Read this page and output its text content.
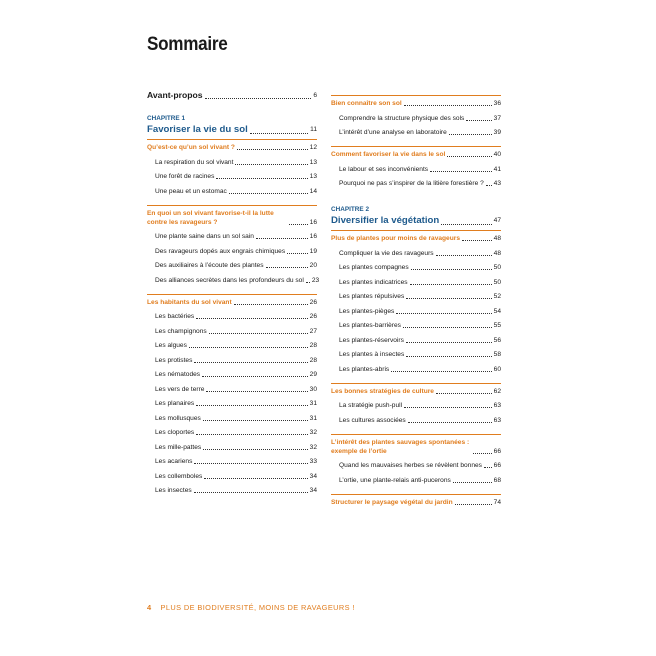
Sommaire
Avant-propos	6
CHAPITRE 1
Favoriser la vie du sol	11
Qu’est-ce qu’un sol vivant ?	12
La respiration du sol vivant	13
Une forêt de racines	13
Une peau et un estomac	14
En quoi un sol vivant favorise-t-il la lutte contre les ravageurs ?	16
Une plante saine dans un sol sain	16
Des ravageurs dopés aux engrais chimiques	19
Des auxiliaires à l’écoute des plantes	20
Des alliances secrètes dans les profondeurs du sol 23
Les habitants du sol vivant	26
Les bactéries	26
Les champignons	27
Les algues	28
Les protistes	28
Les nématodes	29
Les vers de terre	30
Les planaires	31
Les mollusques	31
Les cloportes	32
Les mille-pattes	32
Les acariens	33
Les collemboles	34
Les insectes	34
Bien connaître son sol	36
Comprendre la structure physique des sols	37
L’intérêt d’une analyse en laboratoire	39
Comment favoriser la vie dans le sol	40
Le labour et ses inconvénients	41
Pourquoi ne pas s’inspirer de la litière forestière ? 43
CHAPITRE 2
Diversifier la végétation	47
Plus de plantes pour moins de ravageurs	48
Compliquer la vie des ravageurs	48
Les plantes compagnes	50
Les plantes indicatrices	50
Les plantes répulsives	52
Les plantes-pièges	54
Les plantes-barrières	55
Les plantes-réservoirs	56
Les plantes à insectes	58
Les plantes-abris	60
Les bonnes stratégies de culture	62
La stratégie push-pull	63
Les cultures associées	63
L’intérêt des plantes sauvages spontanées : exemple de l’ortie	66
Quand les mauvaises herbes se révèlent bonnes 66
L’ortie, une plante-relais anti-pucerons	68
Structurer le paysage végétal du jardin	74
4 PLUS DE BIODIVERSITÉ, MOINS DE RAVAGEURS !
